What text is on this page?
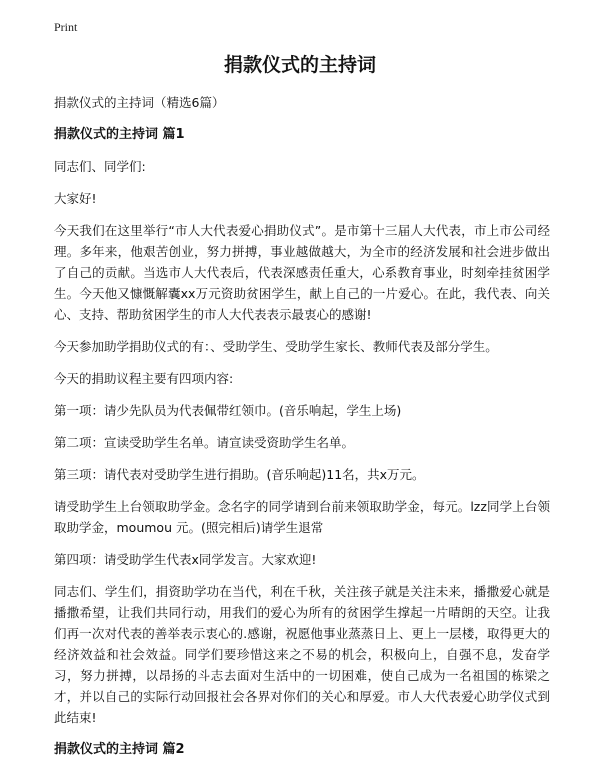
Print
捐款仪式的主持词

捐款仪式的主持词（精选6篇）

捐款仪式的主持词 篇1

同志们、同学们:

大家好!

今天我们在这里举行“市人大代表爱心捐助仪式”。是市第十三届人大代表，市上市公司经理。多年来，他艰苦创业，努力拼搏，事业越做越大，为全市的经济发展和社会进步做出了自己的贡献。当选市人大代表后，代表深感责任重大，心系教育事业，时刻牵挂贫困学生。今天他又慷慨解囊xx万元资助贫困学生，献上自己的一片爱心。在此，我代表、向关心、支持、帮助贫困学生的市人大代表表示最衷心的感谢!

今天参加助学捐助仪式的有：、受助学生、受助学生家长、教师代表及部分学生。

今天的捐助议程主要有四项内容:

第一项：请少先队员为代表佩带红领巾。(音乐响起，学生上场)

第二项：宣读受助学生名单。请宣读受资助学生名单。

第三项：请代表对受助学生进行捐助。(音乐响起)11名，共x万元。

请受助学生上台领取助学金。念名字的同学请到台前来领取助学金，每元。lzz同学上台领取助学金，moumou 元。(照完相后)请学生退常

第四项：请受助学生代表x同学发言。大家欢迎!

同志们、学生们，捐资助学功在当代，利在千秋，关注孩子就是关注未来，播撒爱心就是播撒希望，让我们共同行动，用我们的爱心为所有的贫困学生撑起一片晴朗的天空。让我们再一次对代表的善举表示衷心的.感谢，祝愿他事业蒸蒸日上、更上一层楼，取得更大的经济效益和社会效益。同学们要珍惜这来之不易的机会，积极向上，自强不息，发奋学习，努力拼搏，以昂扬的斗志去面对生活中的一切困难，使自己成为一名祖国的栋梁之才，并以自己的实际行动回报社会各界对你们的关心和厚爱。市人大代表爱心助学仪式到此结束!

捐款仪式的主持词 篇2
